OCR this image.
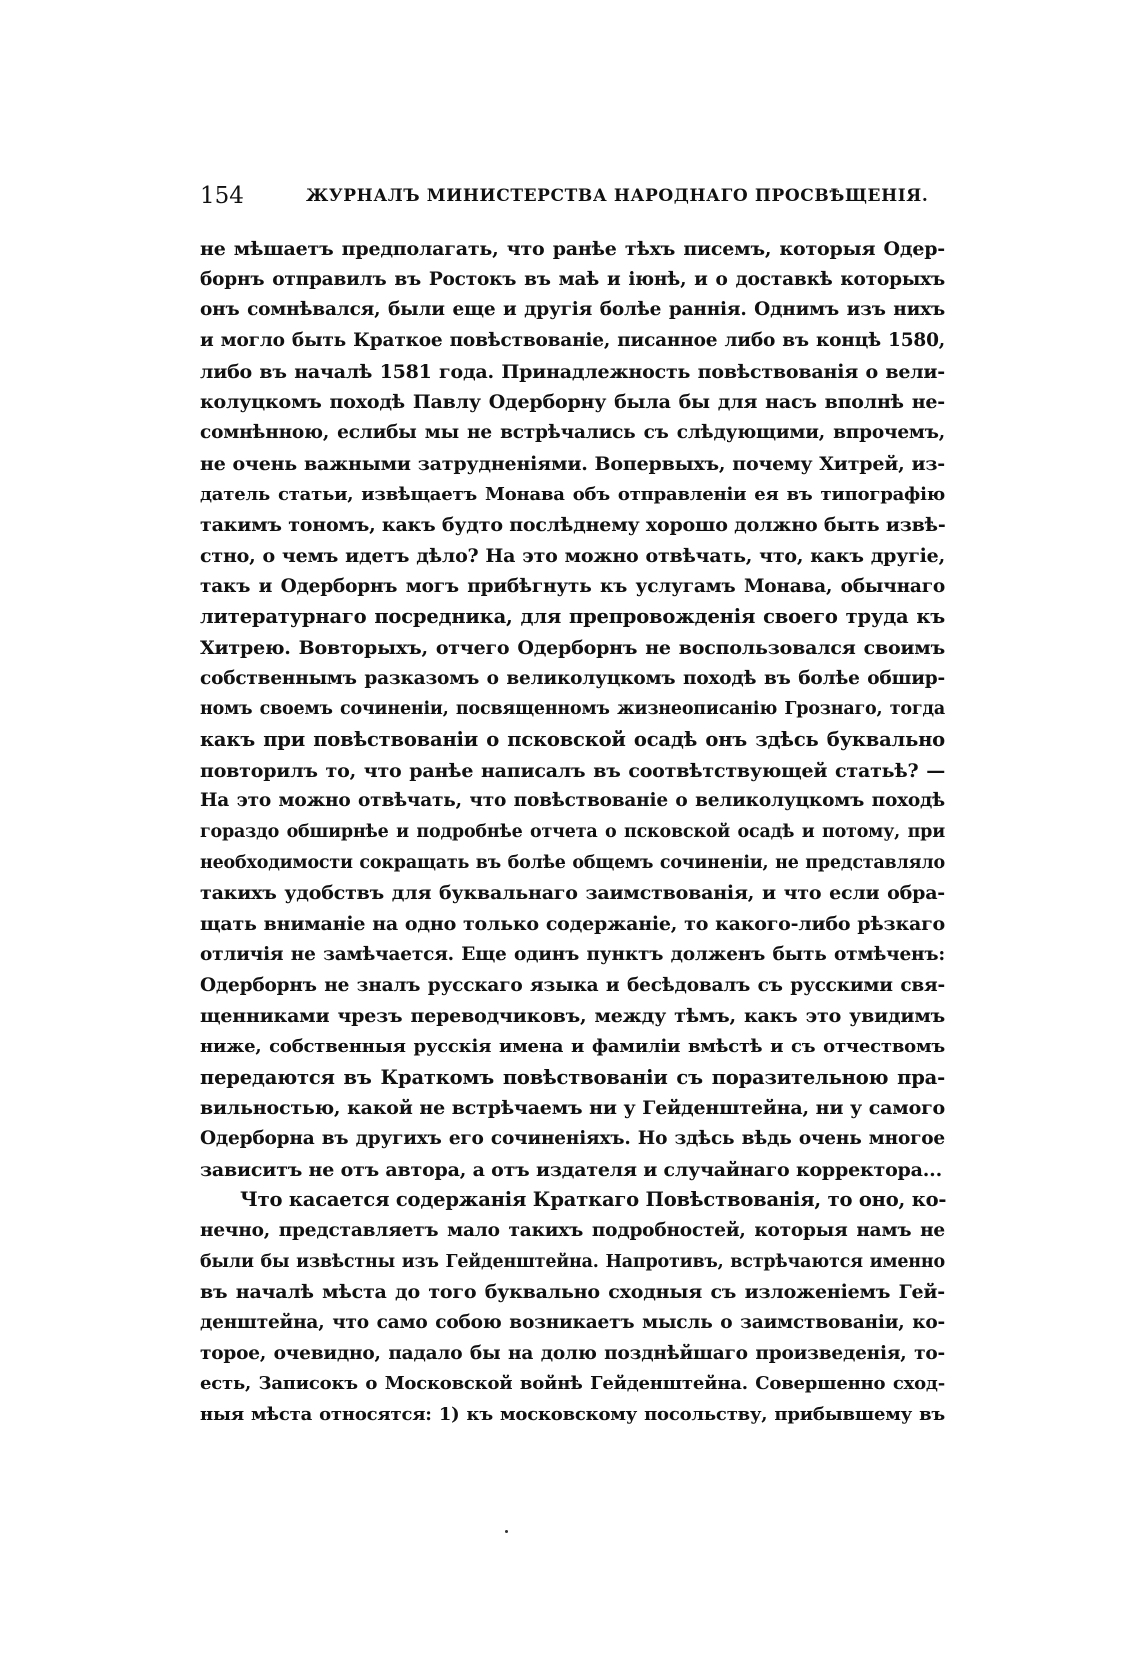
154	ЖУРНАЛЪ МИНИСТЕРСТВА НАРОДНАГО ПРОСВѢЩЕНІЯ.
не мѣшаетъ предполагать, что ранѣе тѣхъ писемъ, которыя Одер-
борнъ отправилъ въ Ростокъ въ маѣ и іюнѣ, и о доставкѣ которыхъ
онъ сомнѣвался, были еще и другія болѣе раннія. Однимъ изъ нихъ
и могло быть Краткое повѣствованіе, писанное либо въ концѣ 1580,
либо въ началѣ 1581 года. Принадлежность повѣствованія о вели-
колуцкомъ походѣ Павлу Одерборну была бы для насъ вполнѣ не-
сомнѣнною, еслибы мы не встрѣчались съ слѣдующими, впрочемъ,
не очень важными затрудненіями. Вопервыхъ, почему Хитрей, из-
датель статьи, извѣщаетъ Монава объ отправленіи ея въ типографію
такимъ тономъ, какъ будто послѣднему хорошо должно быть извѣ-
стно, о чемъ идетъ дѣло? На это можно отвѣчать, что, какъ другіе,
такъ и Одерборнъ могъ прибѣгнуть къ услугамъ Монава, обычнаго
литературнаго посредника, для препровожденія своего труда къ
Хитрею. Вовторыхъ, отчего Одерборнъ не воспользовался своимъ
собственнымъ разказомъ о великолуцкомъ походѣ въ болѣе обшир-
номъ своемъ сочиненіи, посвященномъ жизнеописанію Грознаго, тогда
какъ при повѣствованіи о псковской осадѣ онъ здѣсь буквально
повторилъ то, что ранѣе написалъ въ соотвѣтствующей статьѣ? —
На это можно отвѣчать, что повѣствованіе о великолуцкомъ походѣ
гораздо обширнѣе и подробнѣе отчета о псковской осадѣ и потому, при
необходимости сокращать въ болѣе общемъ сочиненіи, не представляло
такихъ удобствъ для буквальнаго заимствованія, и что если обра-
щать вниманіе на одно только содержаніе, то какого-либо рѣзкаго
отличія не замѣчается. Еще одинъ пунктъ долженъ быть отмѣченъ:
Одерборнъ не зналъ русскаго языка и бесѣдовалъ съ русскими свя-
щенниками чрезъ переводчиковъ, между тѣмъ, какъ это увидимъ
ниже, собственныя русскія имена и фамиліи вмѣстѣ и съ отчествомъ
передаются въ Краткомъ повѣствованіи съ поразительною пра-
вильностью, какой не встрѣчаемъ ни у Гейденштейна, ни у самого
Одерборна въ другихъ его сочиненіяхъ. Но здѣсь вѣдь очень многое
зависитъ не отъ автора, а отъ издателя и случайнаго корректора...
Что касается содержанія Краткаго Повѣствованія, то оно, ко-
нечно, представляетъ мало такихъ подробностей, которыя намъ не
были бы извѣстны изъ Гейденштейна. Напротивъ, встрѣчаются именно
въ началѣ мѣста до того буквально сходныя съ изложеніемъ Гей-
денштейна, что само собою возникаетъ мысль о заимствованіи, ко-
торое, очевидно, падало бы на долю позднѣйшаго произведенія, то-
есть, Записокъ о Московской войнѣ Гейденштейна. Совершенно сход-
ныя мѣста относятся: 1) къ московскому посольству, прибывшему въ
